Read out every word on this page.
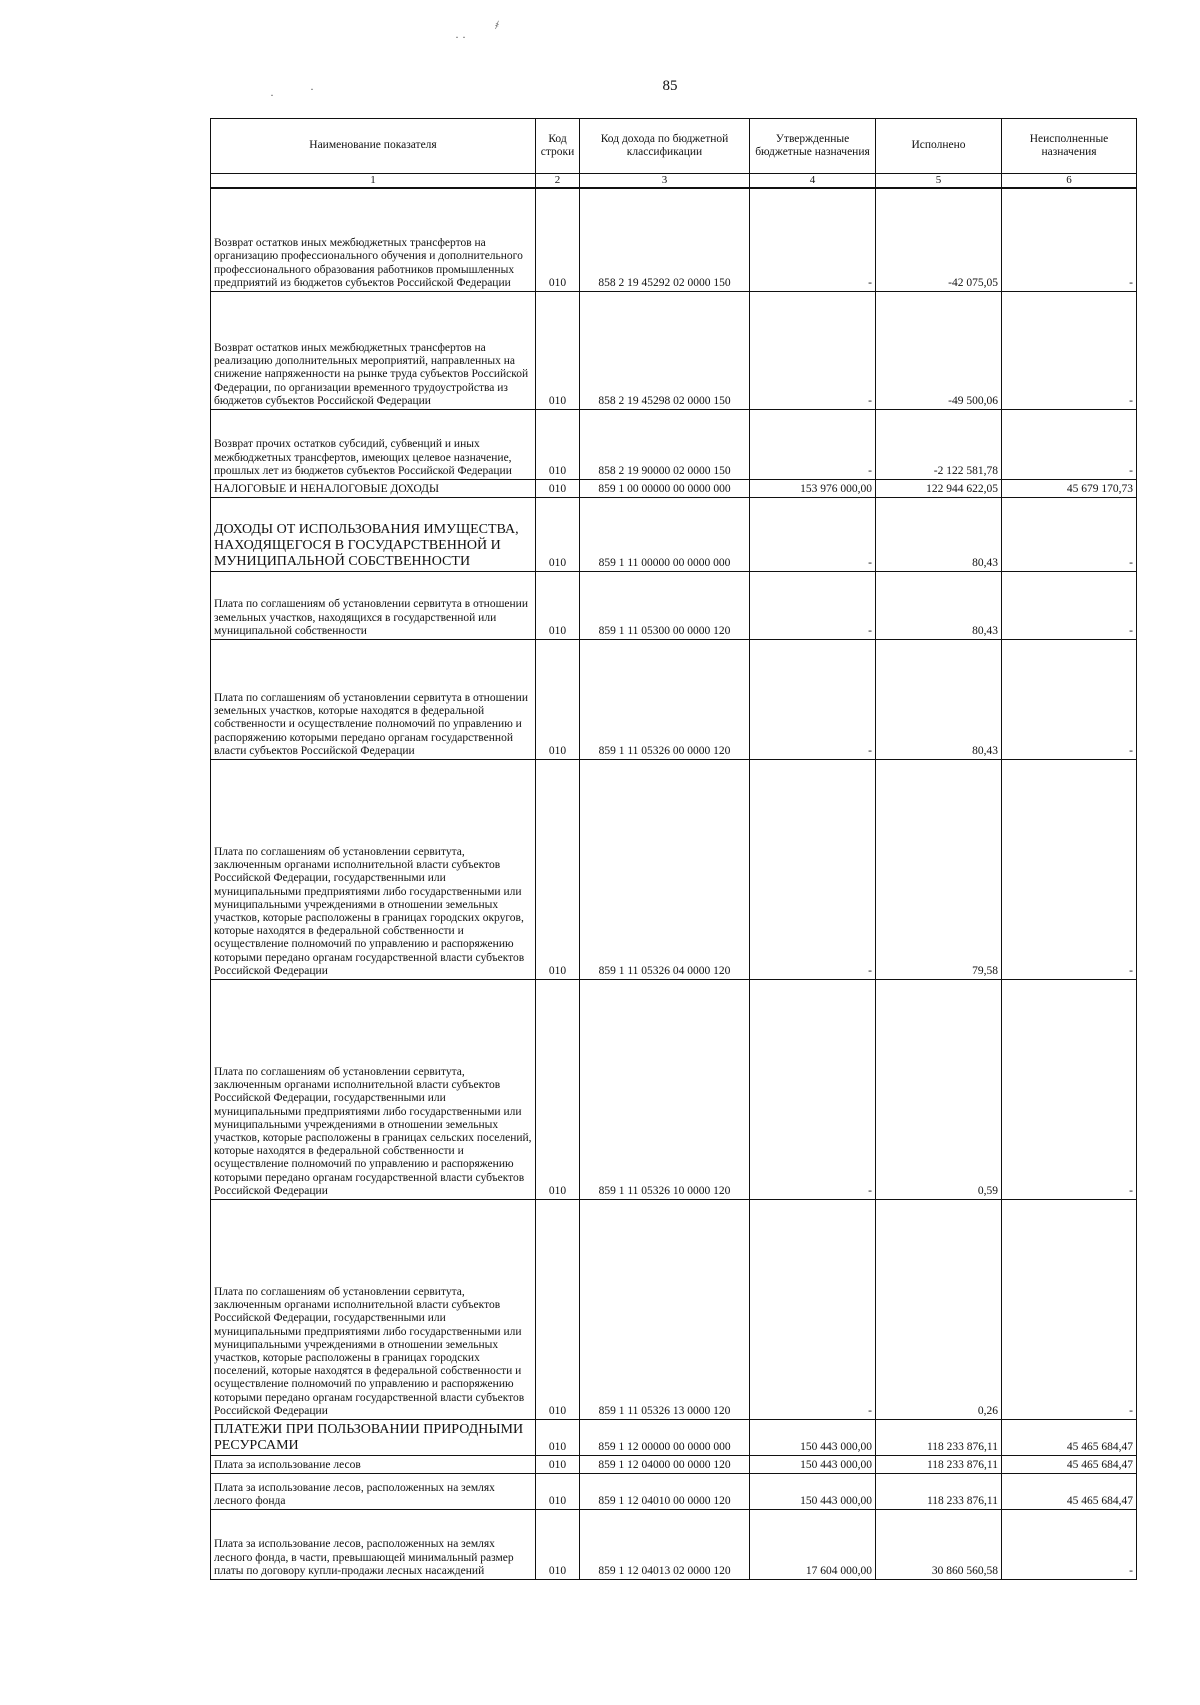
· ·
҂
·	·	85
Наименование показателя	Код строки	Код дохода по бюджетной классификации	Утвержденные бюджетные назначения	Исполнено	Неисполненные назначения
1	2	3	4	5	6
Возврат остатков иных межбюджетных трансфертов на организацию профессионального обучения и дополнительного профессионального образования работников промышленных предприятий из бюджетов субъектов Российской Федерации	010	858 2 19 45292 02 0000 150	-	-42 075,05	-
Возврат остатков иных межбюджетных трансфертов на реализацию дополнительных мероприятий, направленных на снижение напряженности на рынке труда субъектов Российской Федерации, по организации временного трудоустройства из бюджетов субъектов Российской Федерации	010	858 2 19 45298 02 0000 150	-	-49 500,06	-
Возврат прочих остатков субсидий, субвенций и иных межбюджетных трансфертов, имеющих целевое назначение, прошлых лет из бюджетов субъектов Российской Федерации	010	858 2 19 90000 02 0000 150	-	-2 122 581,78	-
НАЛОГОВЫЕ И НЕНАЛОГОВЫЕ ДОХОДЫ	010	859 1 00 00000 00 0000 000	153 976 000,00	122 944 622,05	45 679 170,73
ДОХОДЫ ОТ ИСПОЛЬЗОВАНИЯ ИМУЩЕСТВА, НАХОДЯЩЕГОСЯ В ГОСУДАРСТВЕННОЙ И МУНИЦИПАЛЬНОЙ СОБСТВЕННОСТИ	010	859 1 11 00000 00 0000 000	-	80,43	-
Плата по соглашениям об установлении сервитута в отношении земельных участков, находящихся в государственной или муниципальной собственности	010	859 1 11 05300 00 0000 120	-	80,43	-
Плата по соглашениям об установлении сервитута в отношении земельных участков, которые находятся в федеральной собственности и осуществление полномочий по управлению и распоряжению которыми передано органам государственной власти субъектов Российской Федерации	010	859 1 11 05326 00 0000 120	-	80,43	-
Плата по соглашениям об установлении сервитута, заключенным органами исполнительной власти субъектов Российской Федерации, государственными или муниципальными предприятиями либо государственными или муниципальными учреждениями в отношении земельных участков, которые расположены в границах городских округов, которые находятся в федеральной собственности и осуществление полномочий по управлению и распоряжению которыми передано органам государственной власти субъектов Российской Федерации	010	859 1 11 05326 04 0000 120	-	79,58	-
Плата по соглашениям об установлении сервитута, заключенным органами исполнительной власти субъектов Российской Федерации, государственными или муниципальными предприятиями либо государственными или муниципальными учреждениями в отношении земельных участков, которые расположены в границах сельских поселений, которые находятся в федеральной собственности и осуществление полномочий по управлению и распоряжению которыми передано органам государственной власти субъектов Российской Федерации	010	859 1 11 05326 10 0000 120	-	0,59	-
Плата по соглашениям об установлении сервитута, заключенным органами исполнительной власти субъектов Российской Федерации, государственными или муниципальными предприятиями либо государственными или муниципальными учреждениями в отношении земельных участков, которые расположены в границах городских поселений, которые находятся в федеральной собственности и осуществление полномочий по управлению и распоряжению которыми передано органам государственной власти субъектов Российской Федерации	010	859 1 11 05326 13 0000 120	-	0,26	-
ПЛАТЕЖИ ПРИ ПОЛЬЗОВАНИИ ПРИРОДНЫМИ РЕСУРСАМИ	010	859 1 12 00000 00 0000 000	150 443 000,00	118 233 876,11	45 465 684,47
Плата за использование лесов	010	859 1 12 04000 00 0000 120	150 443 000,00	118 233 876,11	45 465 684,47
Плата за использование лесов, расположенных на землях лесного фонда	010	859 1 12 04010 00 0000 120	150 443 000,00	118 233 876,11	45 465 684,47
Плата за использование лесов, расположенных на землях лесного фонда, в части, превышающей минимальный размер платы по договору купли-продажи лесных насаждений	010	859 1 12 04013 02 0000 120	17 604 000,00	30 860 560,58	-
